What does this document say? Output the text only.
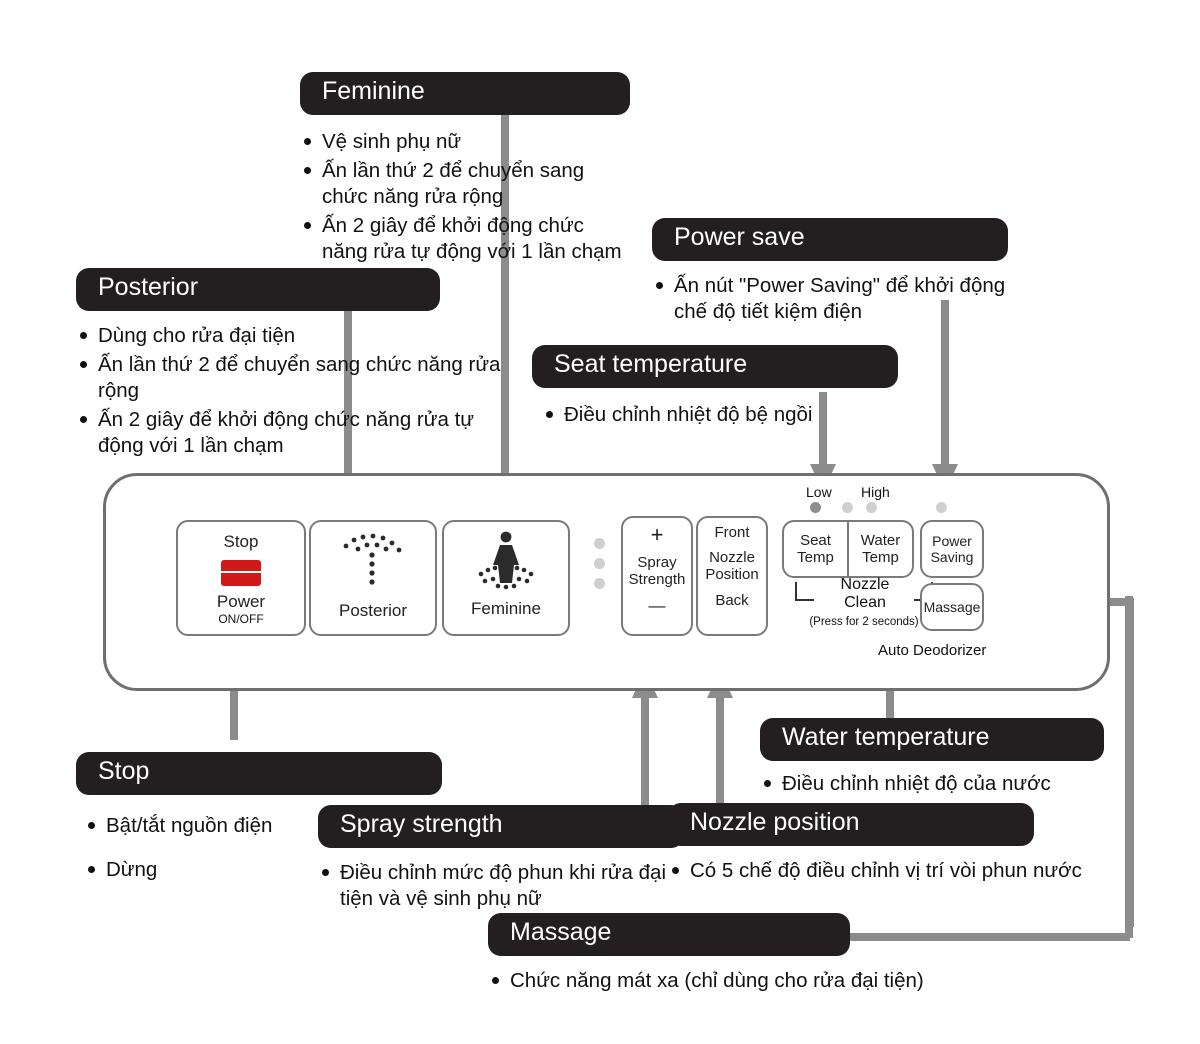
Feminine
Vệ sinh phụ nữ
Ấn lần thứ 2 để chuyển sang chức năng rửa rộng
Ấn 2 giây để khởi động chức năng rửa tự động với 1 lần chạm
Posterior
Dùng cho rửa đại tiện
Ấn lần thứ 2 để chuyển sang chức năng rửa rộng
Ấn 2 giây để khởi động chức năng rửa tự động với 1 lần chạm
Power save
Ấn nút "Power Saving" để khởi động chế độ tiết kiệm điện
Seat temperature
Điều chỉnh nhiệt độ bệ ngồi
Stop
Bật/tắt nguồn điện
Dừng
Spray strength
Điều chỉnh mức độ phun khi rửa đại tiện và vệ sinh phụ nữ
Nozzle position
Có 5 chế độ điều chỉnh vị trí vòi phun nước
Water temperature
Điều chỉnh nhiệt độ của nước
Massage
Chức năng mát xa (chỉ dùng cho rửa đại tiện)
Stop
Power
ON/OFF	Posterior	Feminine
+
Spray
Strength
—
Front
Nozzle
Position
Back
Low High
Seat
Temp
Water
Temp
Power
Saving
Nozzle
Clean
(Press for 2 seconds)
Massage
Auto Deodorizer
